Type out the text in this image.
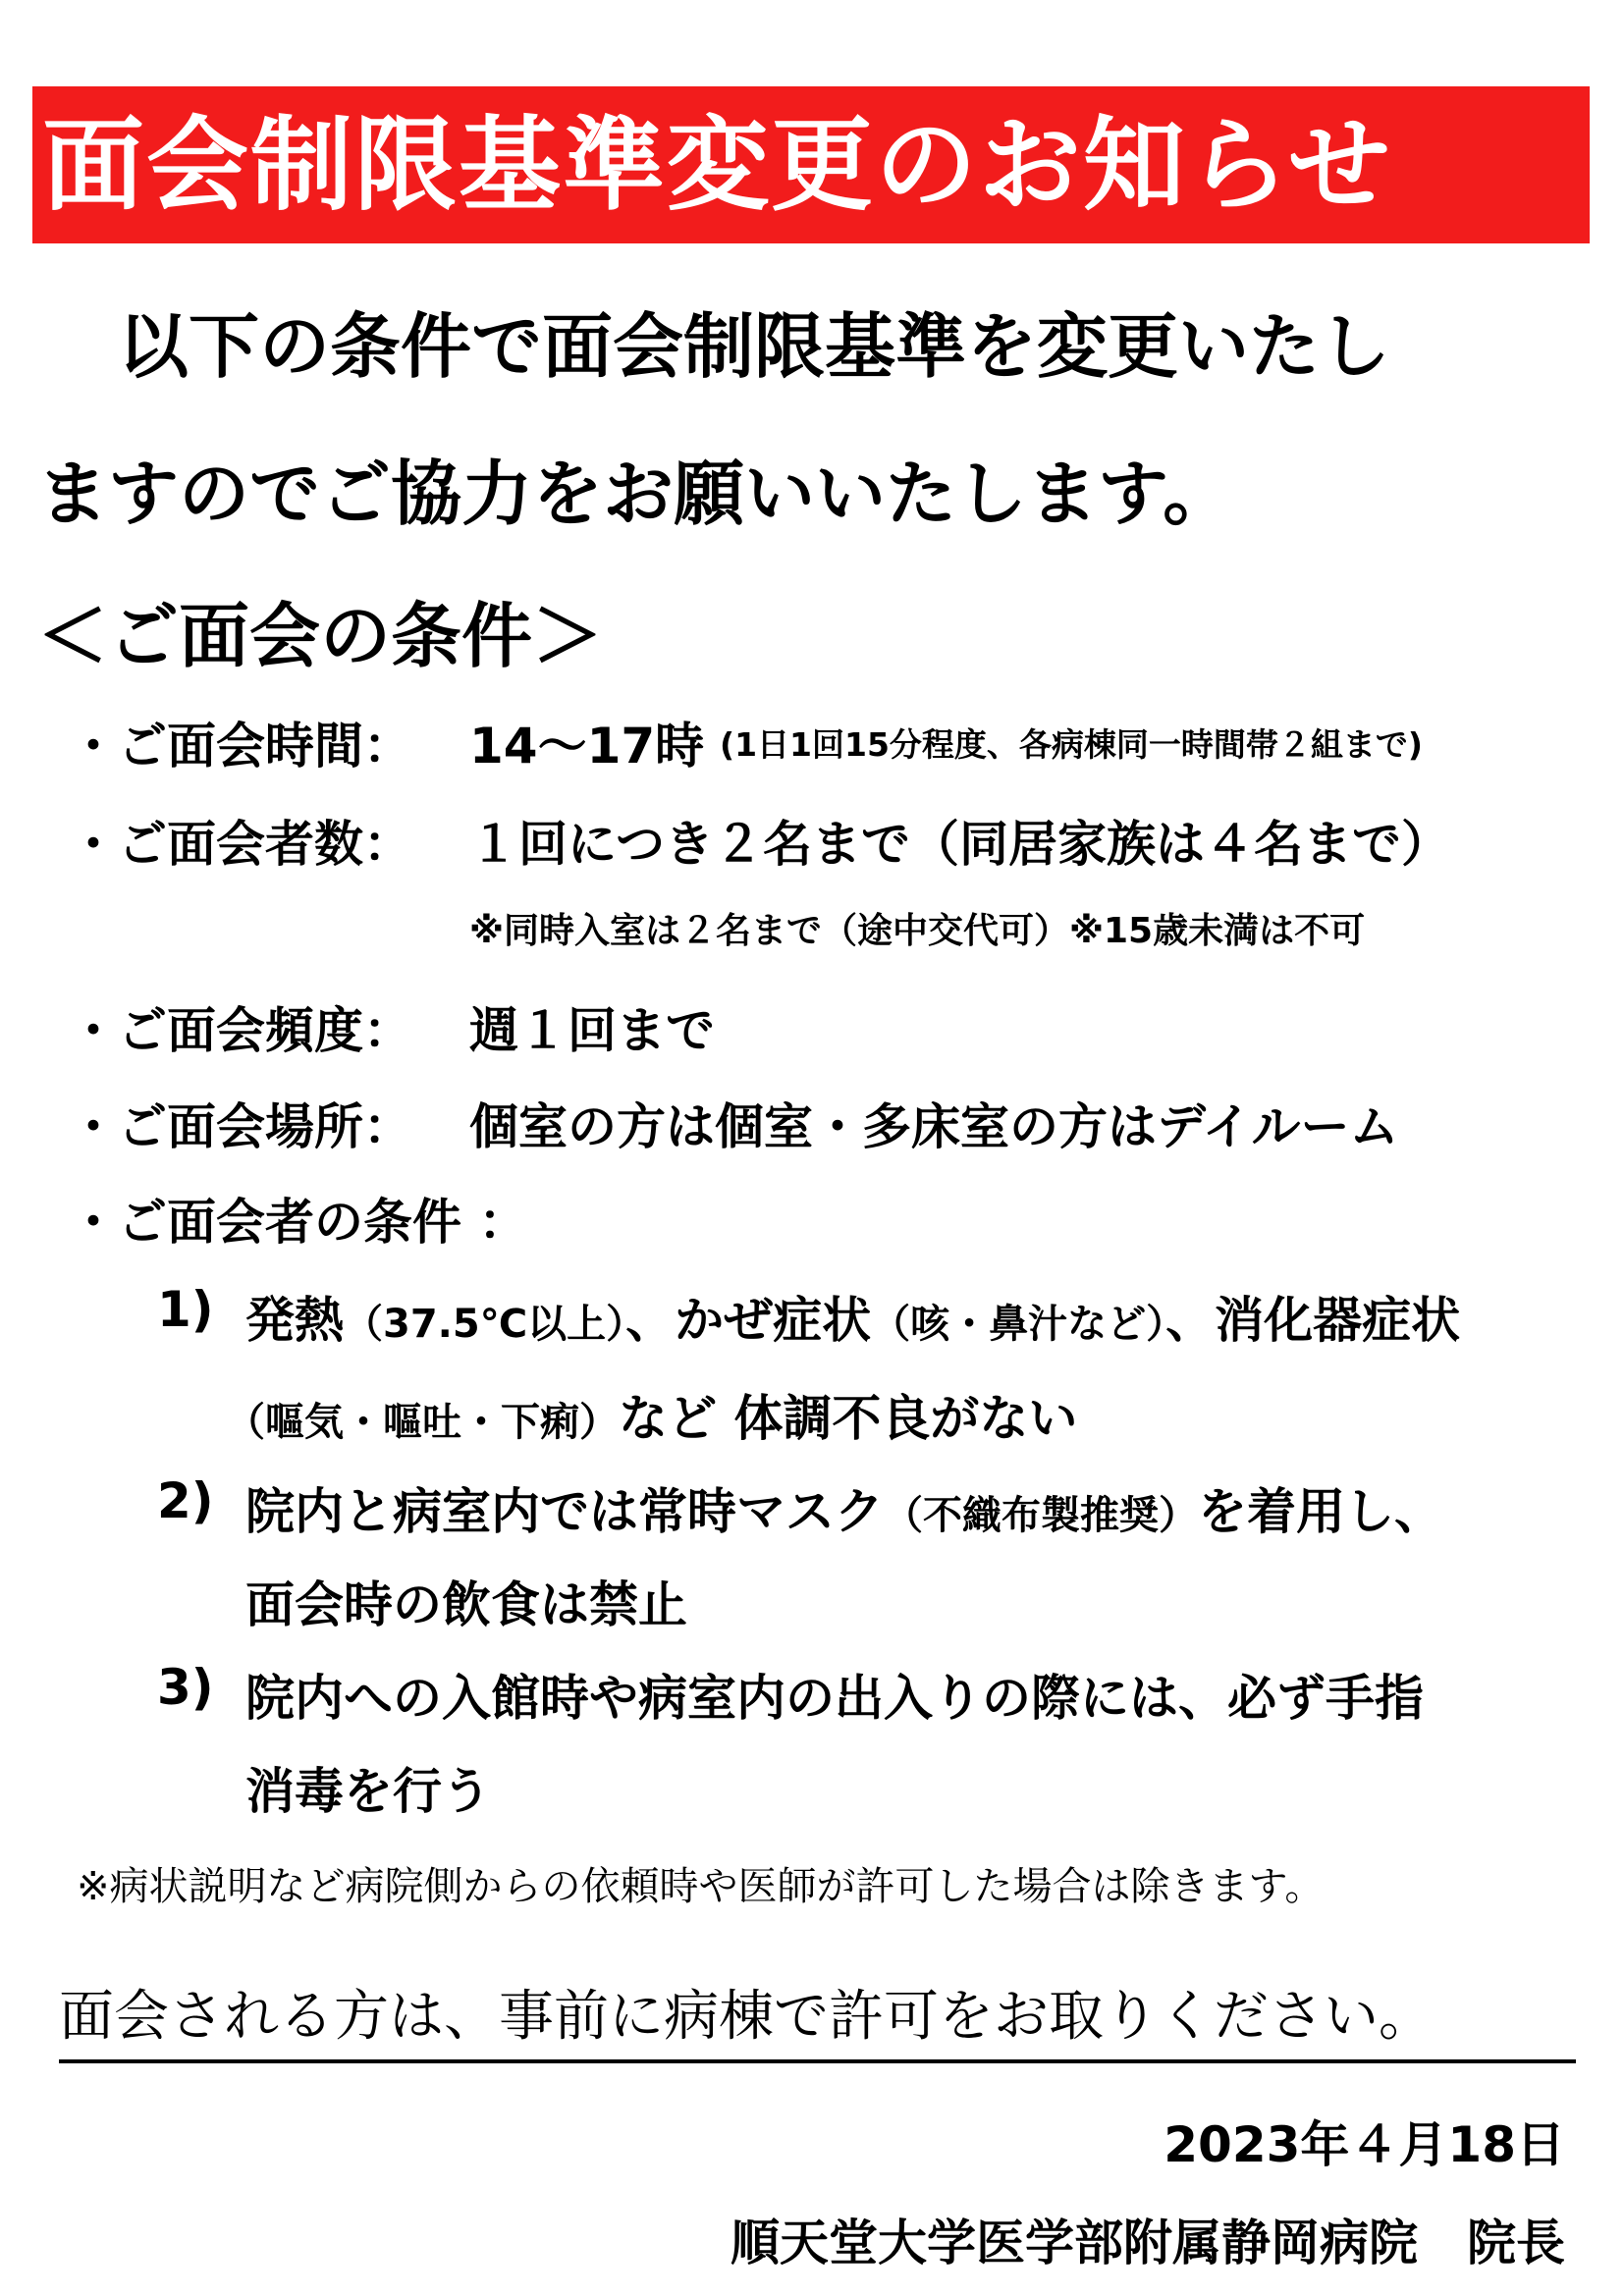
面会制限基準変更のお知らせ
以下の条件で面会制限基準を変更いたし
ますのでご協力をお願いいたします。
＜ご面会の条件＞
・ご面会時間： 14～17時 (1日1回15分程度、各病棟同一時間帯２組まで)
・ご面会者数： １回につき２名まで（同居家族は４名まで）
※同時入室は２名まで（途中交代可）※15歳未満は不可
・ご面会頻度： 週１回まで
・ご面会場所： 個室の方は個室・多床室の方はデイルーム
・ご面会者の条件 ：
1) 発熱（37.5℃以上）、かぜ症状（咳・鼻汁など）、消化器症状
（嘔気・嘔吐・下痢）など 体調不良がない
2) 院内と病室内では常時マスク（不織布製推奨）を着用し、
面会時の飲食は禁止
3) 院内への入館時や病室内の出入りの際には、必ず手指
消毒を行う
※病状説明など病院側からの依頼時や医師が許可した場合は除きます。
面会される方は、事前に病棟で許可をお取りください。
2023年４月18日
順天堂大学医学部附属静岡病院　院長
